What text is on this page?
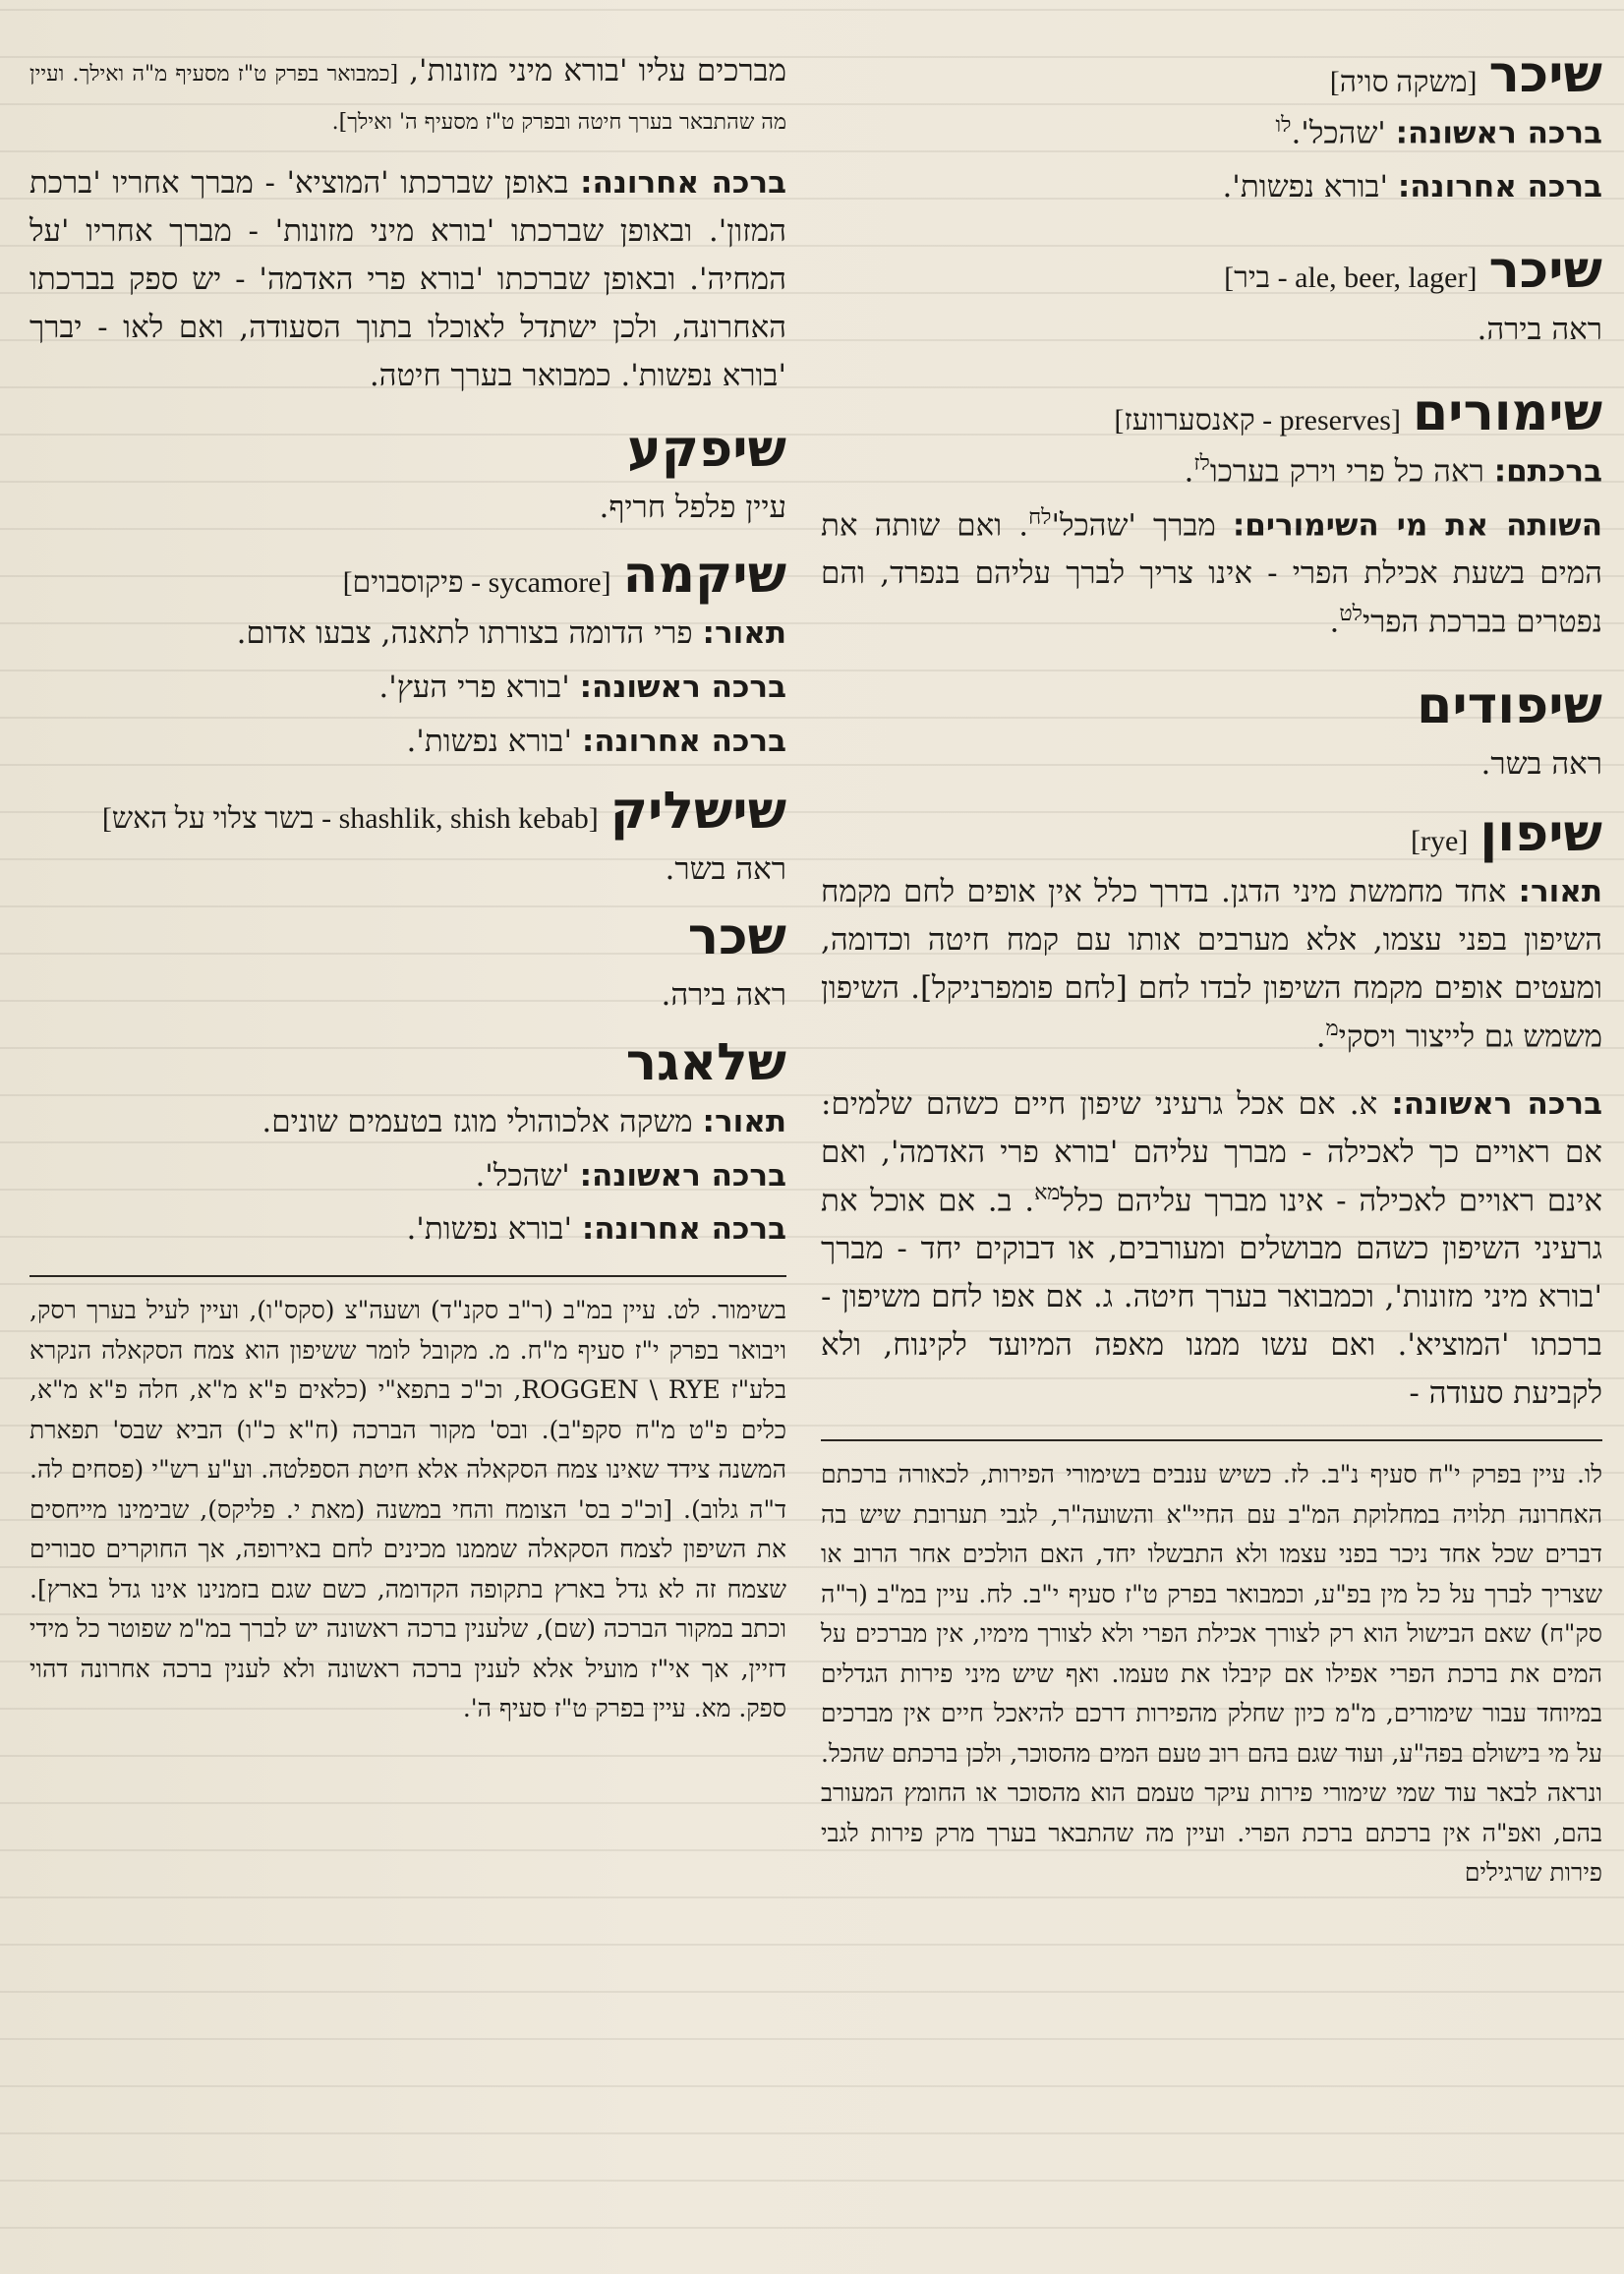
שיכר[משקה סויה]

ברכה ראשונה: 'שהכל'.$^{לו}$

ברכה אחרונה: 'בורא נפשות'.

שיכר[ale, beer, lager - ביר]

ראה בירה.

שימורים[preserves - קאנסערוועז]

ברכתם: ראה כל פרי וירק בערכו$^{לז}$.

השותה את מי השימורים: מברך '$שהכל'^{לח}$. ואם שותה את המים בשעת אכילת הפרי - אינו צריך לברך עליהם בנפרד, והם נפטרים בברכת הפרי$^{לט}$.

שיפודים

ראה בשר.

שיפון[rye]

תאור: אחד מחמשת מיני הדגן. בדרך כלל אין אופים לחם מקמח השיפון בפני עצמו, אלא מערבים אותו עם קמח חיטה וכדומה, ומעטים אופים מקמח השיפון לבדו לחם [לחם פומפרניקל]. השיפון משמש גם לייצור ויסקי$^מ$.

ברכה ראשונה: א. אם אכל גרעיני שיפון חיים כשהם שלמים: אם ראויים כך לאכילה - מברך עליהם 'בורא פרי האדמה', ואם אינם ראויים לאכילה - אינו מברך עליהם כלל$^{מא}$. ב. אם אוכל את גרעיני השיפון כשהם מבושלים ומעורבים, או דבוקים יחד - מברך 'בורא מיני מזונות', וכמבואר בערך חיטה. ג. אם אפו לחם משיפון - ברכתו 'המוציא'. ואם עשו ממנו מאפה המיועד לקינוח, ולא לקביעת סעודה -

לו. עיין בפרק י"ח סעיף נ"ב. לז. כשיש ענבים בשימורי הפירות, לכאורה ברכתם האחרונה תלויה במחלוקת המ"ב עם החיי"א והשועה"ר, לגבי תערובת שיש בה דברים שכל אחד ניכר בפני עצמו ולא התבשלו יחד, האם הולכים אחר הרוב או שצריך לברך על כל מין בפ"ע, וכמבואר בפרק ט"ז סעיף י"ב. לח. עיין במ"ב (ר"ה סק"ח) שאם הבישול הוא רק לצורך אכילת הפרי ולא לצורך מימיו, אין מברכים על המים את ברכת הפרי אפילו אם קיבלו את טעמו. ואף שיש מיני פירות הגדלים במיוחד עבור שימורים, מ"מ כיון שחלק מהפירות דרכם להיאכל חיים אין מברכים על מי בישולם בפה"ע, ועוד שגם בהם רוב טעם המים מהסוכר, ולכן ברכתם שהכל. ונראה לבאר עוד שמי שימורי פירות עיקר טעמם הוא מהסוכר או החומץ המעורב בהם, ואפ"ה אין ברכתם ברכת הפרי. ועיין מה שהתבאר בערך מרק פירות לגבי פירות שרגילים

מברכים עליו 'בורא מיני מזונות', [כמבואר בפרק ט"ז מסעיף מ"ה ואילך. ועיין מה שהתבאר בערך חיטה ובפרק ט"ז מסעיף ה' ואילך].

ברכה אחרונה: באופן שברכתו 'המוציא' - מברך אחריו 'ברכת המזון'. ובאופן שברכתו 'בורא מיני מזונות' - מברך אחריו 'על המחיה'. ובאופן שברכתו 'בורא פרי האדמה' - יש ספק בברכתו האחרונה, ולכן ישתדל לאוכלו בתוך הסעודה, ואם לאו - יברך 'בורא נפשות'. כמבואר בערך חיטה.

שיפקע

עיין פלפל חריף.

שיקמה[sycamore - פיקוסבוים]

תאור: פרי הדומה בצורתו לתאנה, צבעו אדום.

ברכה ראשונה: 'בורא פרי העץ'.

ברכה אחרונה: 'בורא נפשות'.

שישליק[shashlik, shish kebab - בשר צלוי על האש]

ראה בשר.

שכר

ראה בירה.

שלאגר

תאור: משקה אלכוהולי מוגז בטעמים שונים.

ברכה ראשונה: 'שהכל'.

ברכה אחרונה: 'בורא נפשות'.

בשימור. לט. עיין במ"ב (ר"ב סקנ"ד) ושעה"צ (סקס"ו), ועיין לעיל בערך רסק, ויבואר בפרק י"ז סעיף מ"ח. מ. מקובל לומר ששיפון הוא צמח הסקאלה הנקרא בלע"ז ROGGEN \ RYE, וכ"כ בתפא"י (כלאים פ"א מ"א, חלה פ"א מ"א, כלים פ"ט מ"ח סקפ"ב). ובס' מקור הברכה (ח"א כ"ו) הביא שבס' תפארת המשנה צידד שאינו צמח הסקאלה אלא חיטת הספלטה. וע"ע רש"י (פסחים לה. ד"ה גלוב). [וכ"כ בס' הצומח והחי במשנה (מאת י. פליקס), שבימינו מייחסים את השיפון לצמח הסקאלה שממנו מכינים לחם באירופה, אך החוקרים סבורים שצמח זה לא גדל בארץ בתקופה הקדומה, כשם שגם בזמנינו אינו גדל בארץ]. וכתב במקור הברכה (שם), שלענין ברכה ראשונה יש לברך במ"מ שפוטר כל מידי דזיין, אך אי"ז מועיל אלא לענין ברכה ראשונה ולא לענין ברכה אחרונה דהוי ספק. מא. עיין בפרק ט"ז סעיף ה'.
